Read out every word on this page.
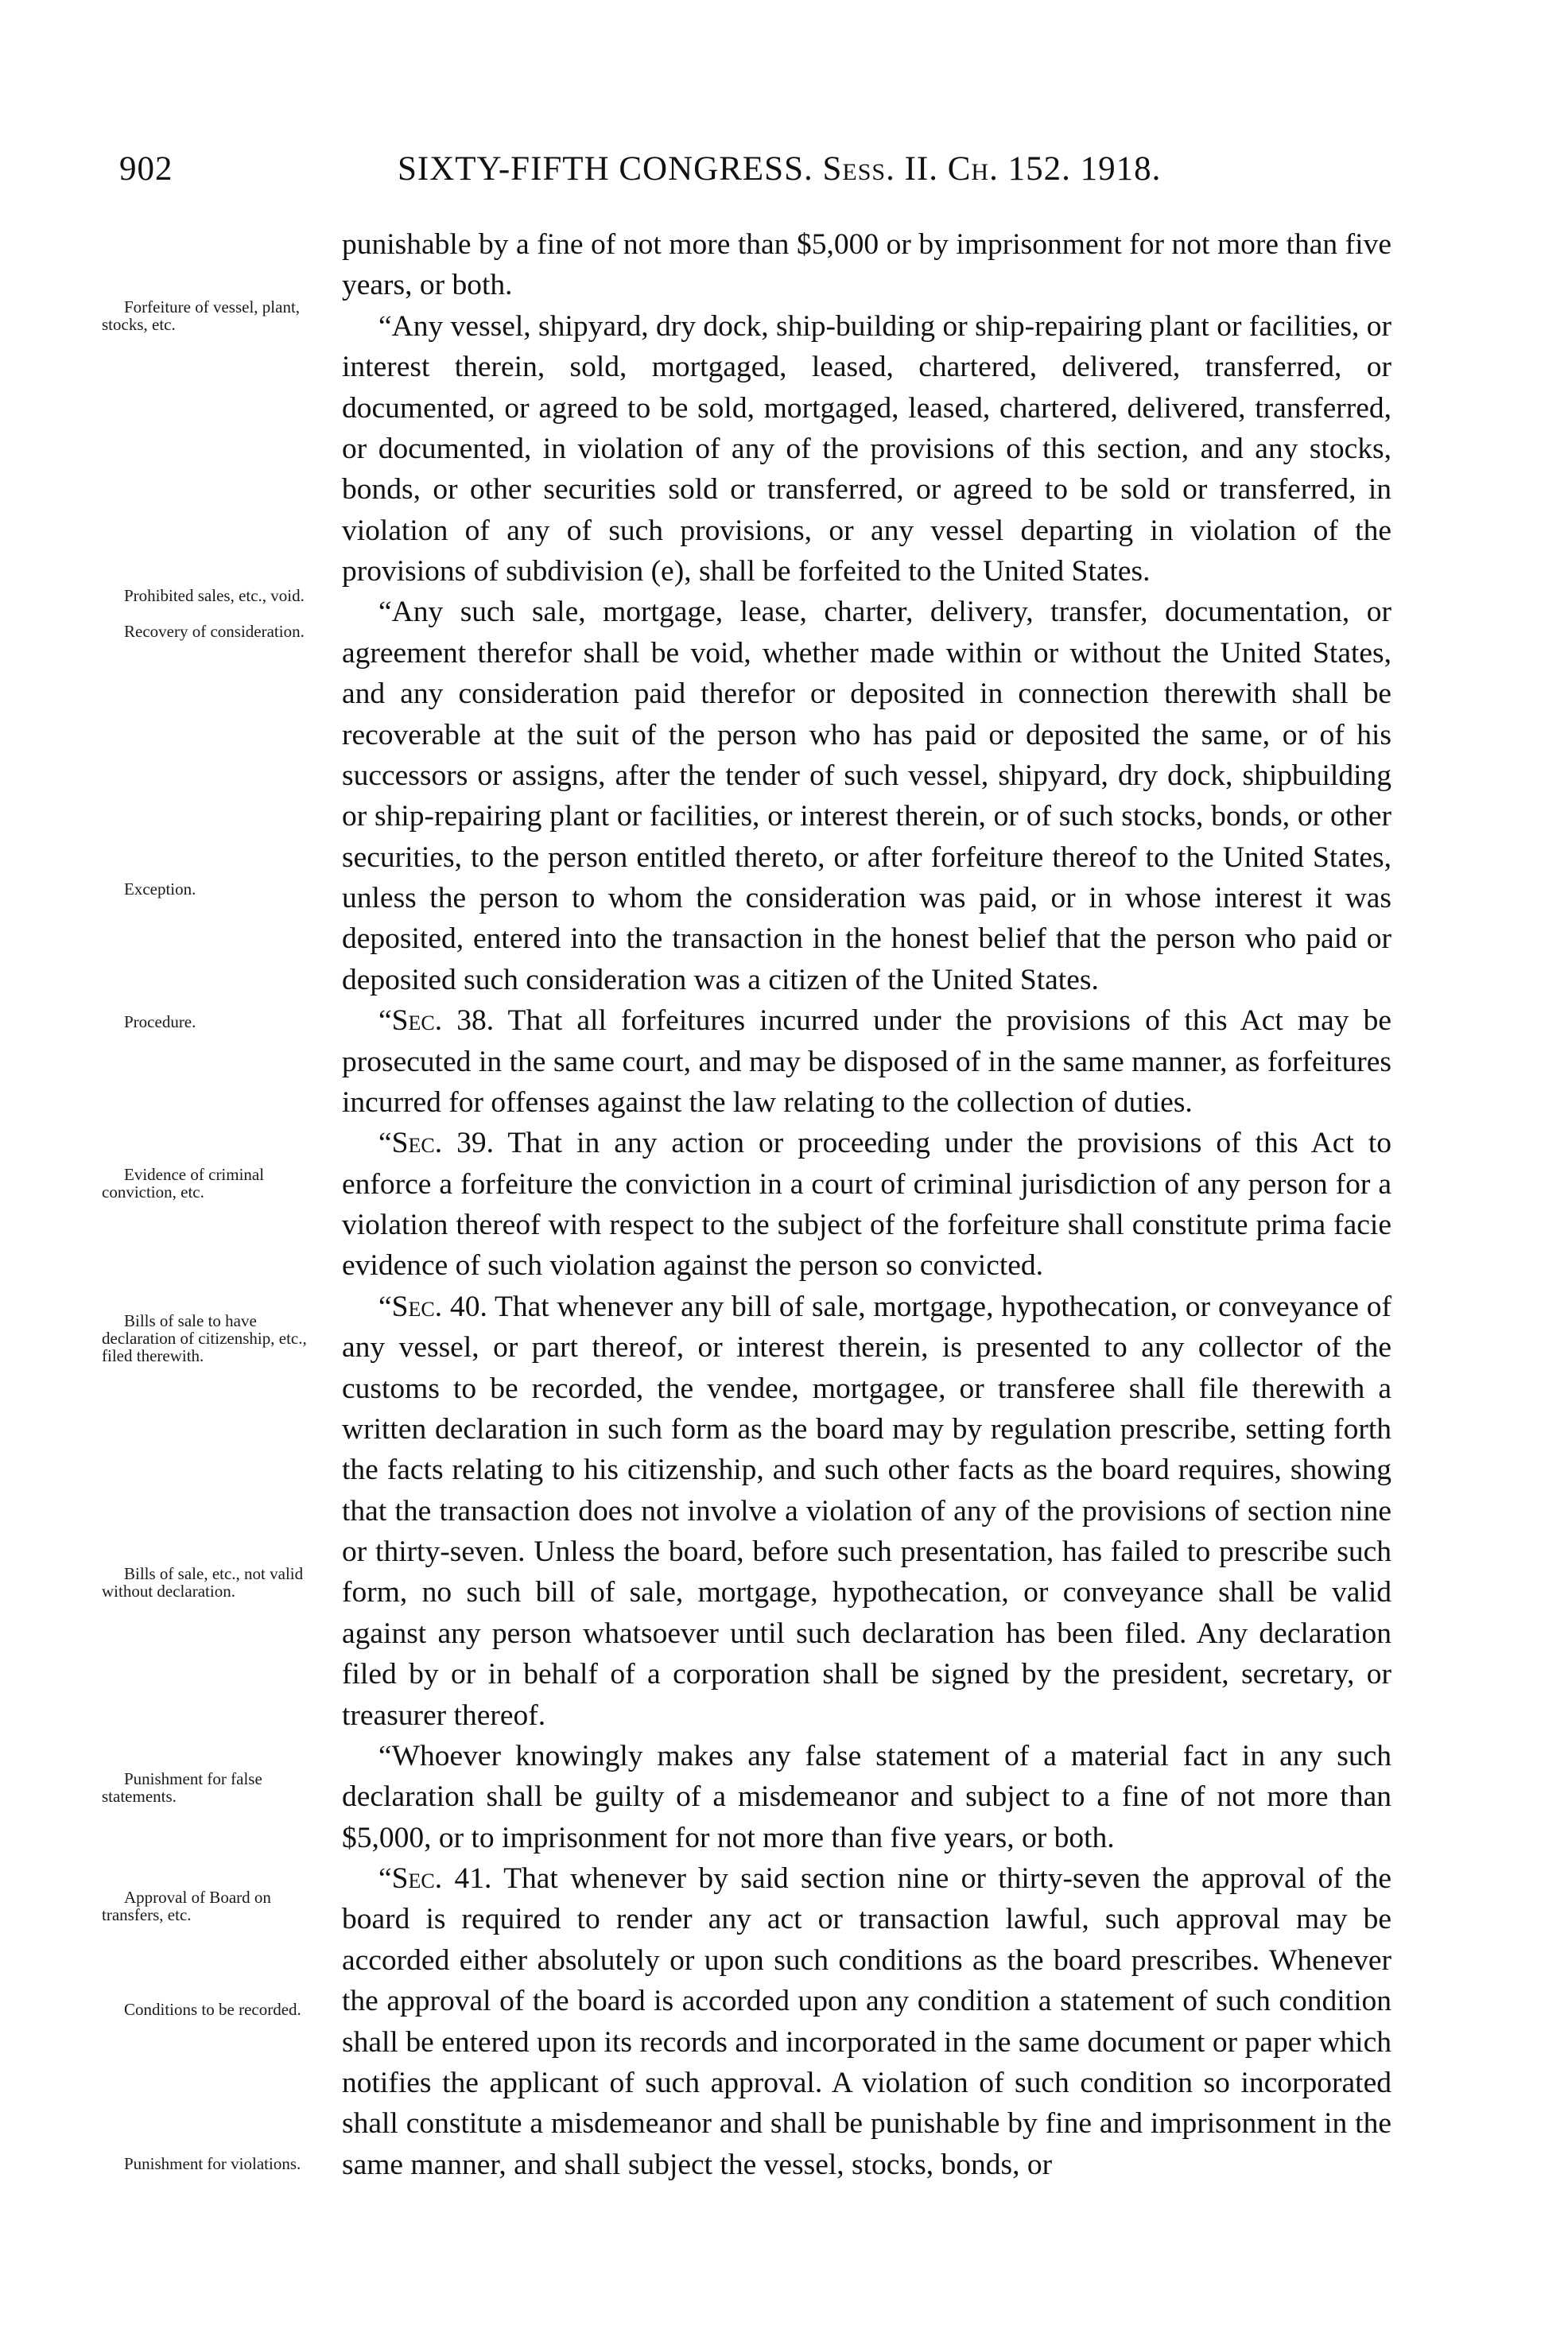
902	SIXTY-FIFTH CONGRESS. Sess. II. Ch. 152. 1918.
Forfeiture of vessel, plant, stocks, etc.
Prohibited sales, etc., void.
Recovery of consideration.
Exception.
Procedure.
Evidence of criminal conviction, etc.
Bills of sale to have declaration of citizenship, etc., filed therewith.
Bills of sale, etc., not valid without declaration.
Punishment for false statements.
Approval of Board on transfers, etc.
Conditions to be recorded.
Punishment for violations.

punishable by a fine of not more than $5,000 or by imprisonment for not more than five years, or both.

“Any vessel, shipyard, dry dock, ship-building or ship-repairing plant or facilities, or interest therein, sold, mortgaged, leased, chartered, delivered, transferred, or documented, or agreed to be sold, mortgaged, leased, chartered, delivered, transferred, or documented, in violation of any of the provisions of this section, and any stocks, bonds, or other securities sold or transferred, or agreed to be sold or transferred, in violation of any of such provisions, or any vessel departing in violation of the provisions of subdivision (e), shall be forfeited to the United States.

“Any such sale, mortgage, lease, charter, delivery, transfer, documentation, or agreement therefor shall be void, whether made within or without the United States, and any consideration paid therefor or deposited in connection therewith shall be recoverable at the suit of the person who has paid or deposited the same, or of his successors or assigns, after the tender of such vessel, shipyard, dry dock, shipbuilding or ship-repairing plant or facilities, or interest therein, or of such stocks, bonds, or other securities, to the person entitled thereto, or after forfeiture thereof to the United States, unless the person to whom the consideration was paid, or in whose interest it was deposited, entered into the transaction in the honest belief that the person who paid or deposited such consideration was a citizen of the United States.

“Sec. 38. That all forfeitures incurred under the provisions of this Act may be prosecuted in the same court, and may be disposed of in the same manner, as forfeitures incurred for offenses against the law relating to the collection of duties.

“Sec. 39. That in any action or proceeding under the provisions of this Act to enforce a forfeiture the conviction in a court of criminal jurisdiction of any person for a violation thereof with respect to the subject of the forfeiture shall constitute prima facie evidence of such violation against the person so convicted.

“Sec. 40. That whenever any bill of sale, mortgage, hypothecation, or conveyance of any vessel, or part thereof, or interest therein, is presented to any collector of the customs to be recorded, the vendee, mortgagee, or transferee shall file therewith a written declaration in such form as the board may by regulation prescribe, setting forth the facts relating to his citizenship, and such other facts as the board requires, showing that the transaction does not involve a violation of any of the provisions of section nine or thirty-seven. Unless the board, before such presentation, has failed to prescribe such form, no such bill of sale, mortgage, hypothecation, or conveyance shall be valid against any person whatsoever until such declaration has been filed. Any declaration filed by or in behalf of a corporation shall be signed by the president, secretary, or treasurer thereof.

“Whoever knowingly makes any false statement of a material fact in any such declaration shall be guilty of a misdemeanor and subject to a fine of not more than $5,000, or to imprisonment for not more than five years, or both.

“Sec. 41. That whenever by said section nine or thirty-seven the approval of the board is required to render any act or transaction lawful, such approval may be accorded either absolutely or upon such conditions as the board prescribes. Whenever the approval of the board is accorded upon any condition a statement of such condition shall be entered upon its records and incorporated in the same document or paper which notifies the applicant of such approval. A violation of such condition so incorporated shall constitute a misdemeanor and shall be punishable by fine and imprisonment in the same manner, and shall subject the vessel, stocks, bonds, or
